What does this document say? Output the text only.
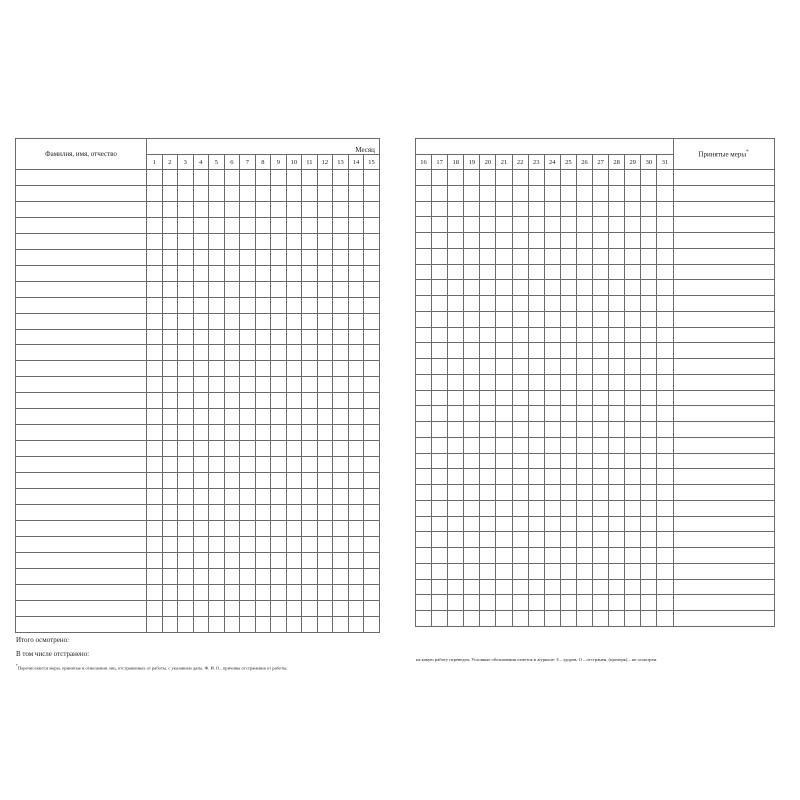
Фамилия, имя, отчество	Месяц														
	1	2	3	4	5	6	7	8	9	10	11	12	13	14	15

																Принятые меры*
16	17	18	19	20	21	22	23	24	25	26	27	28	29	30	31	

Итого осмотрено:
В том числе отстранено:
*Перечисляются меры, принятые в отношении лиц, отстраненных от работы, с указанием даты, Ф. И. О., причины отстранения от работы,
на какую работу переведен. Условные обозначения отметок в журнале: З – здоров, О – отстранен, (прочерк) – не осмотрен.
